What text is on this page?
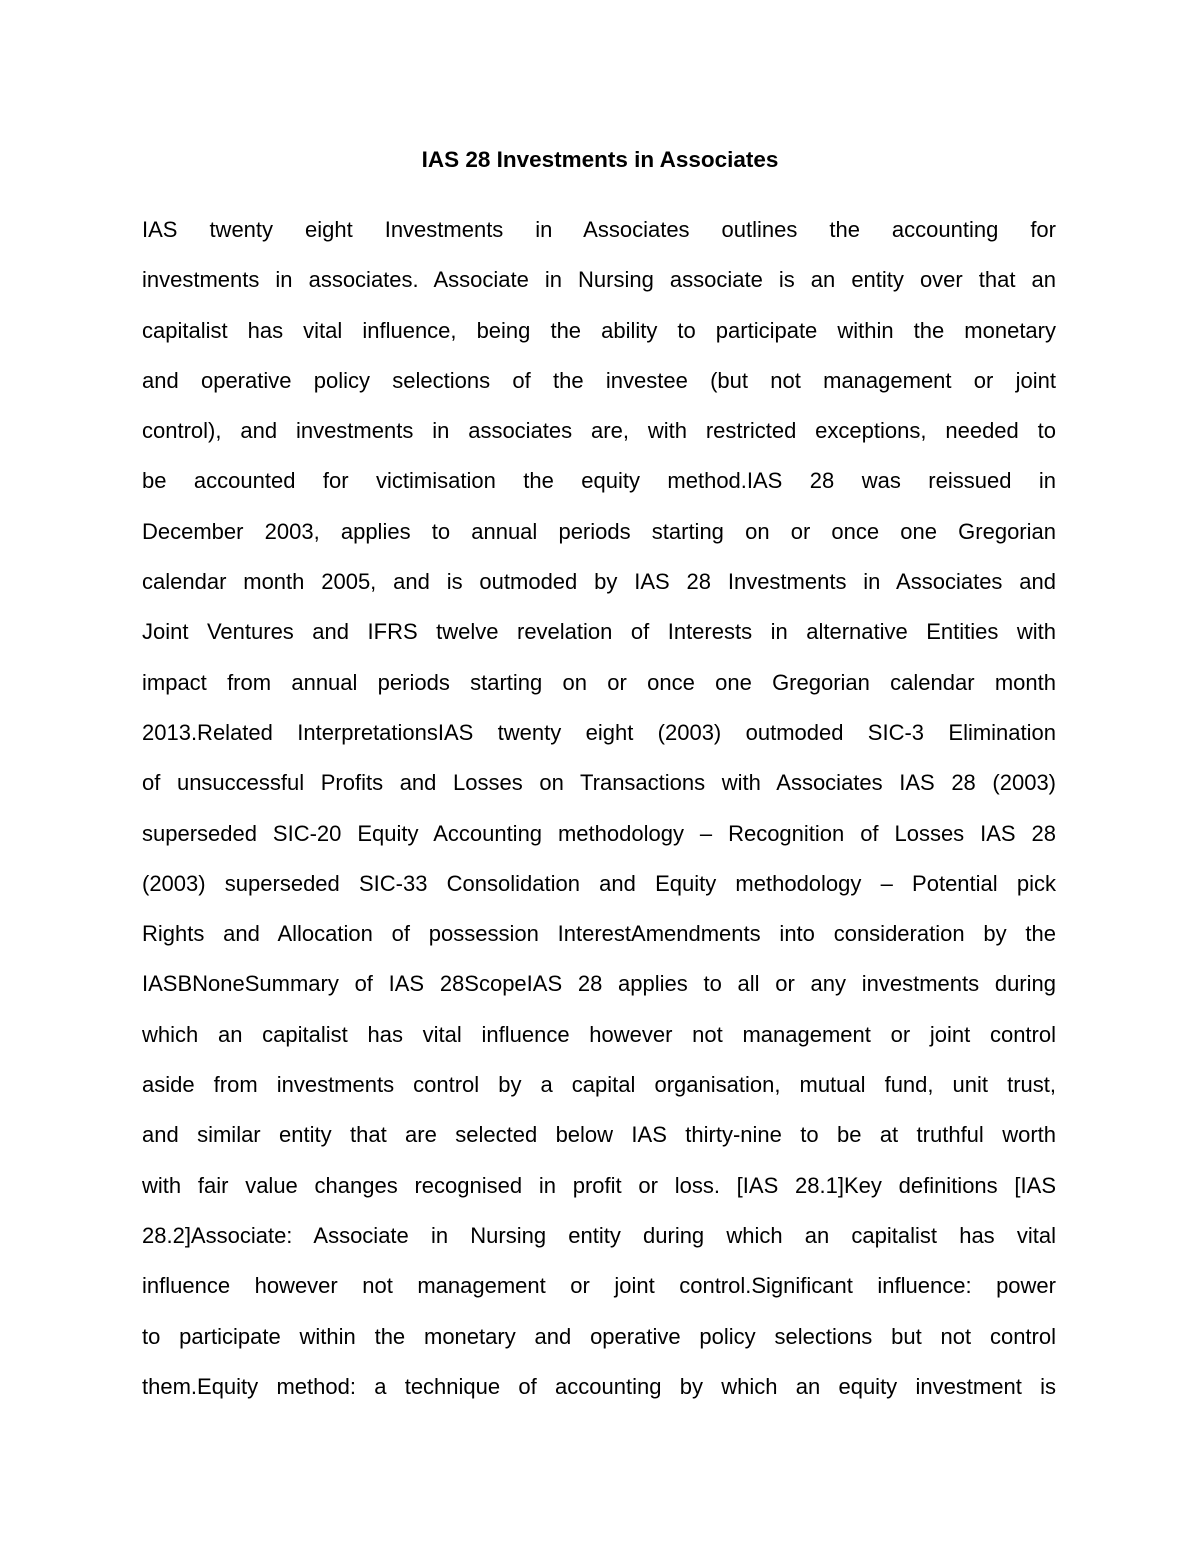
IAS 28 Investments in Associates
IAS twenty eight Investments in Associates outlines the accounting for
investments in associates. Associate in Nursing associate is an entity over that an
capitalist has vital influence, being the ability to participate within the monetary
and operative policy selections of the investee (but not management or joint
control), and investments in associates are, with restricted exceptions, needed to
be accounted for victimisation the equity method.IAS 28 was reissued in
December 2003, applies to annual periods starting on or once one Gregorian
calendar month 2005, and is outmoded by IAS 28 Investments in Associates and
Joint Ventures and IFRS twelve revelation of Interests in alternative Entities with
impact from annual periods starting on or once one Gregorian calendar month
2013.Related InterpretationsIAS twenty eight (2003) outmoded SIC-3 Elimination
of unsuccessful Profits and Losses on Transactions with Associates IAS 28 (2003)
superseded SIC-20 Equity Accounting methodology – Recognition of Losses IAS 28
(2003) superseded SIC-33 Consolidation and Equity methodology – Potential pick
Rights and Allocation of possession InterestAmendments into consideration by the
IASBNoneSummary of IAS 28ScopeIAS 28 applies to all or any investments during
which an capitalist has vital influence however not management or joint control
aside from investments control by a capital organisation, mutual fund, unit trust,
and similar entity that are selected below IAS thirty-nine to be at truthful worth
with fair value changes recognised in profit or loss. [IAS 28.1]Key definitions [IAS
28.2]Associate: Associate in Nursing entity during which an capitalist has vital
influence however not management or joint control.Significant influence: power
to participate within the monetary and operative policy selections but not control
them.Equity method: a technique of accounting by which an equity investment is
